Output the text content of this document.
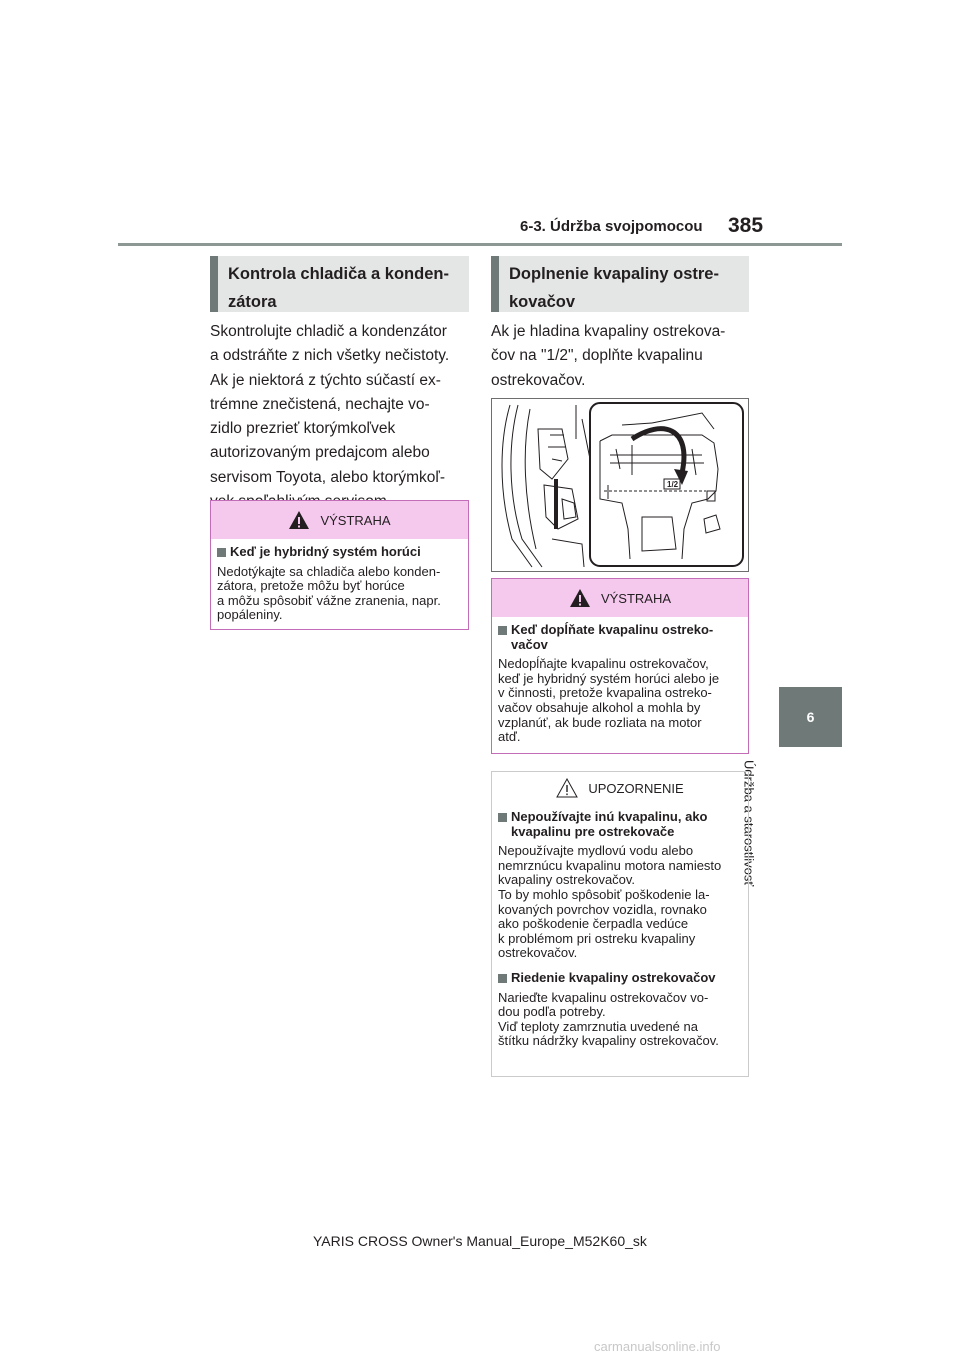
6-3. Údržba svojpomocou 385
6
Údržba a starostlivosť
Kontrola chladiča a konden-
zátora
Skontrolujte chladič a kondenzátor
a odstráňte z nich všetky nečistoty.
Ak je niektorá z týchto súčastí ex-
trémne znečistená, nechajte vo-
zidlo prezrieť ktorýmkoľvek
autorizovaným predajcom alebo
servisom Toyota, alebo ktorýmkoľ-
VÝSTRAHA
Keď je hybridný systém horúci
Nedotýkajte sa chladiča alebo konden-
zátora, pretože môžu byť horúce
a môžu spôsobiť vážne zranenia, napr.
popáleniny.
Doplnenie kvapaliny ostre-
kovačov
Ak je hladina kvapaliny ostrekova-
čov na "1/2", doplňte kvapalinu
ostrekovačov.
1/2
VÝSTRAHA
Keď dopĺňate kvapalinu ostreko-
vačov
Nedopĺňajte kvapalinu ostrekovačov,
keď je hybridný systém horúci alebo je
v činnosti, pretože kvapalina ostreko-
vačov obsahuje alkohol a mohla by
vzplanúť, ak bude rozliata na motor
atď.
UPOZORNENIE
Nepoužívajte inú kvapalinu, ako
kvapalinu pre ostrekovače
Nepoužívajte mydlovú vodu alebo
nemrznúcu kvapalinu motora namiesto
kvapaliny ostrekovačov.
To by mohlo spôsobiť poškodenie la-
kovaných povrchov vozidla, rovnako
ako poškodenie čerpadla vedúce
k problémom pri ostreku kvapaliny
ostrekovačov.
Riedenie kvapaliny ostrekovačov
Narieďte kvapalinu ostrekovačov vo-
dou podľa potreby.
Viď teploty zamrznutia uvedené na
štítku nádržky kvapaliny ostrekovačov.
YARIS CROSS Owner's Manual_Europe_M52K60_sk
carmanualsonline.info
